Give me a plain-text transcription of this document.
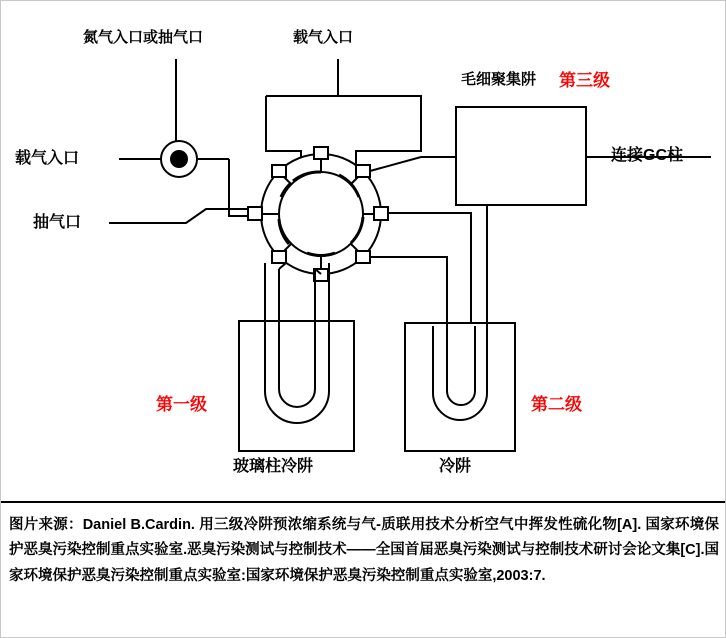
氮气入口或抽气口	载气入口
载气入口
抽气口
毛细聚集阱 第三级
连接GC柱
第一级	第二级
玻璃柱冷阱	冷阱
图片来源：Daniel B.Cardin. 用三级冷阱预浓缩系统与气-质联用技术分析空气中挥发性硫化物[A]. 国家环境保护恶臭污染控制重点实验室.恶臭污染测试与控制技术——全国首届恶臭污染测试与控制技术研讨会论文集[C].国家环境保护恶臭污染控制重点实验室:国家环境保护恶臭污染控制重点实验室,2003:7.
